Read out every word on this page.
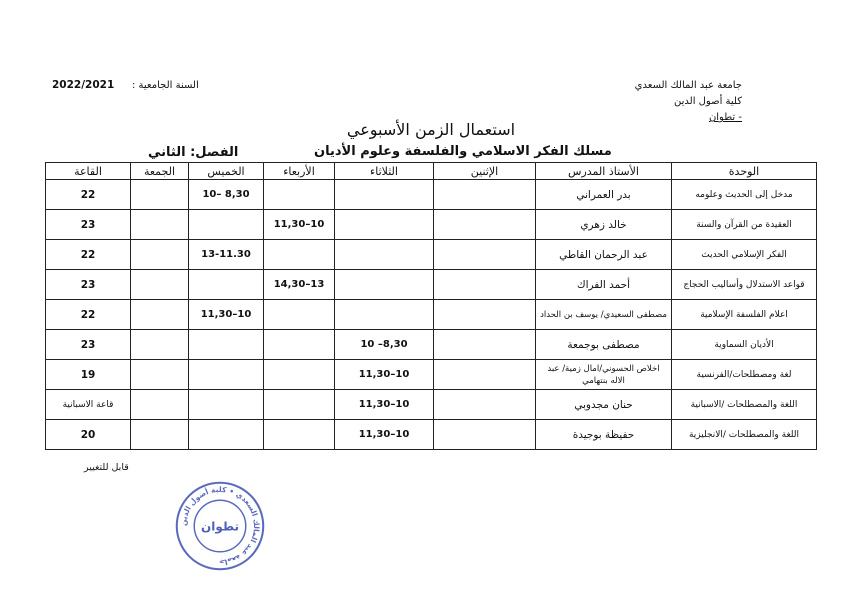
جامعة عبد المالك السعدي
كلية أصول الدين
- تطوان
السنة الجامعية :
2022/2021
استعمال الزمن الأسبوعي
مسلك الفكر الاسلامي والفلسفة وعلوم الأديان
الفصل: الثاني
الوحدة	الأستاذ المدرس	الإثنين	الثلاثاء	الأربعاء	الخميس	الجمعة	القاعة
مدخل إلى الحديث وعلومه	بدر العمراني				8,30 –10		22
العقيدة من القرآن والسنة	خالد زهري			10–11,30			23
الفكر الإسلامي الحديث	عبد الرحمان القاطي				13-11.30		22
قواعد الاستدلال وأساليب الحجاج	أحمد الفراك			13–14,30			23
اعلام الفلسفة الإسلامية	مصطفى السعيدي/ يوسف بن الحداد				10–11,30		22
الأديان السماوية	مصطفى بوجمعة		8,30– 10				23
لغة ومصطلحات/الفرنسية	اخلاص الحسوني/امال زمية/ عبد الاله بنتهامي		10–11,30				19
اللغة والمصطلحات /الاسبانية	حنان مجدوبي		10–11,30				قاعة الاسبانية
اللغة والمصطلحات /الانجليزية	حفيظة بوجيدة		10–11,30				20
قابل للتغيير
جامعة عبد المالك السعدي • كلية أصول الدين
تطوان
